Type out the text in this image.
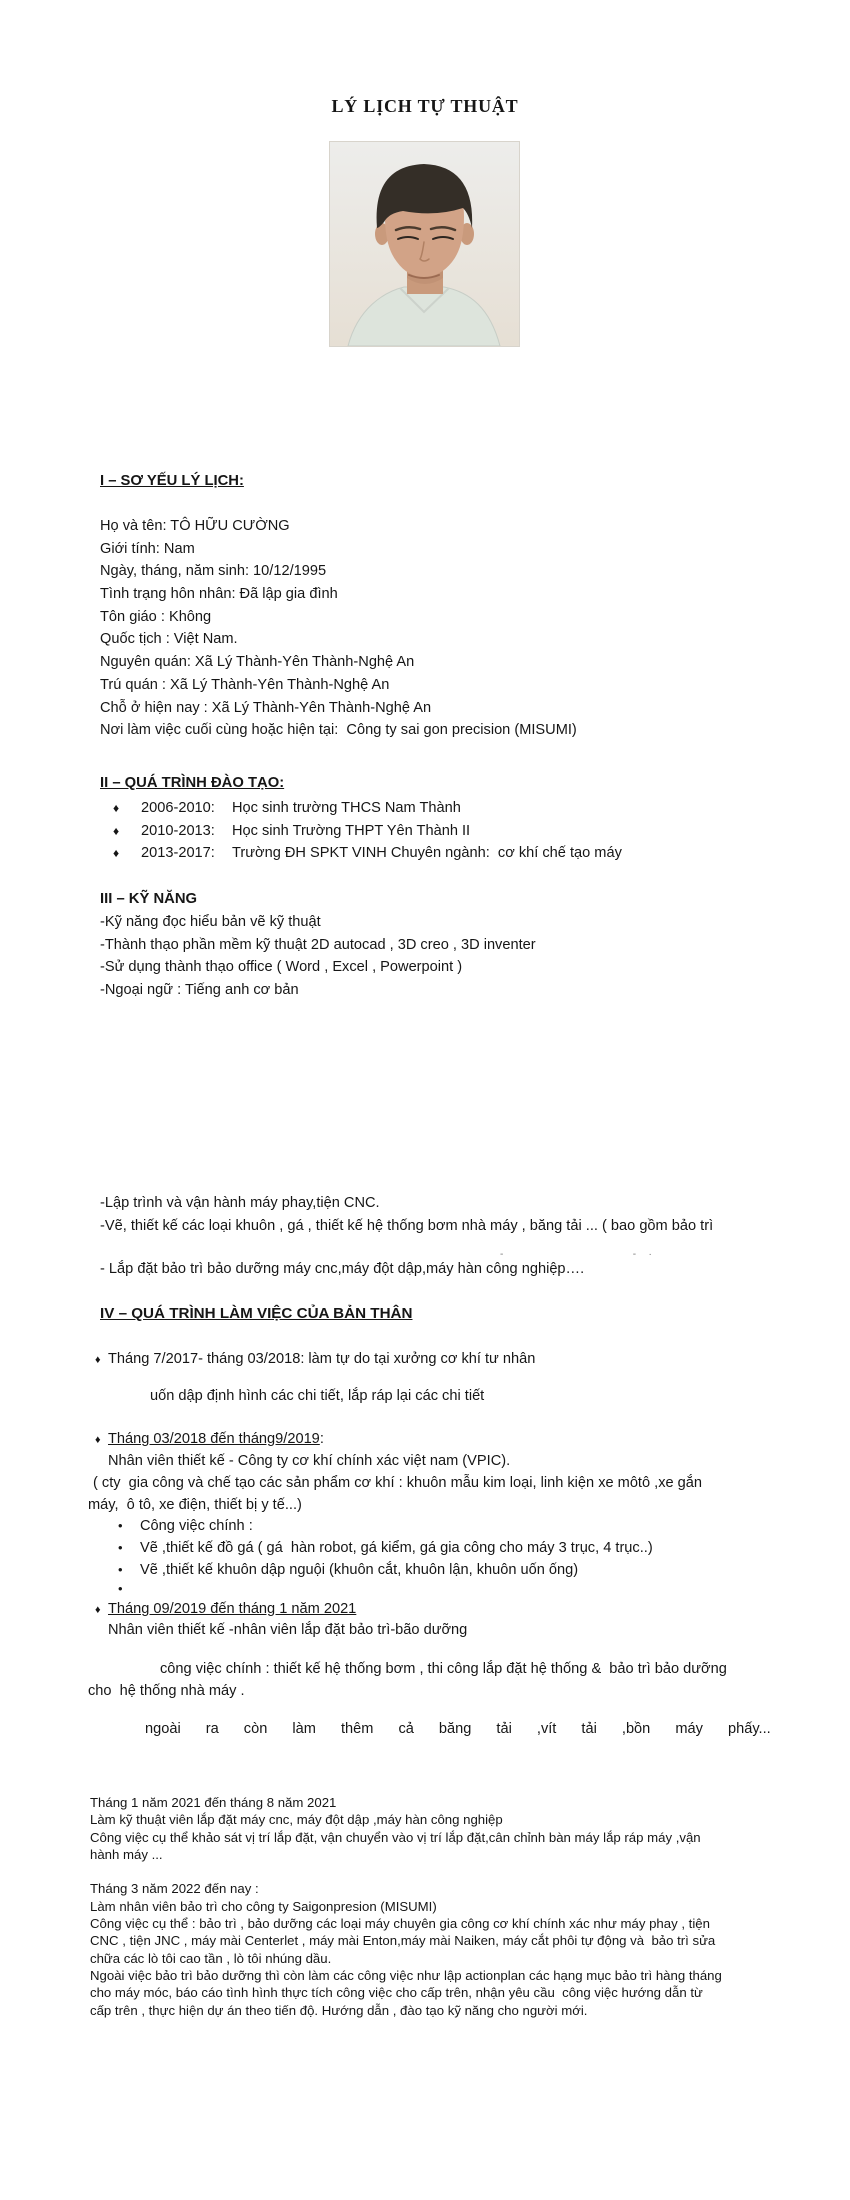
LÝ LỊCH TỰ THUẬT
I – SƠ YẾU LÝ LỊCH:
Họ và tên: TÔ HỮU CƯỜNG
Giới tính: Nam
Ngày, tháng, năm sinh: 10/12/1995
Tình trạng hôn nhân: Đã lập gia đình
Tôn giáo : Không
Quốc tịch : Việt Nam.
Nguyên quán: Xã Lý Thành-Yên Thành-Nghệ An
Trú quán : Xã Lý Thành-Yên Thành-Nghệ An
Chỗ ở hiện nay : Xã Lý Thành-Yên Thành-Nghệ An
Nơi làm việc cuối cùng hoặc hiện tại:  Công ty sai gon precision (MISUMI)
II – QUÁ TRÌNH ĐÀO TẠO:
♦	2006-2010:	Học sinh trường THCS Nam Thành
♦	2010-2013:	Học sinh Trường THPT Yên Thành II
♦	2013-2017:	Trường ĐH SPKT VINH Chuyên ngành:  cơ khí chế tạo máy
III – KỸ NĂNG
-Kỹ năng đọc hiểu bản vẽ kỹ thuật
-Thành thạo phần mềm kỹ thuật 2D autocad , 3D creo , 3D inventer
-Sử dụng thành thạo office ( Word , Excel , Powerpoint )
-Ngoại ngữ : Tiếng anh cơ bản
-Lập trình và vận hành máy phay,tiện CNC.
-Vẽ, thiết kế các loại khuôn , gá , thiết kế hệ thống bơm nhà máy , băng tải ... ( bao gồm bảo trì
-                                  -   ·
- Lắp đặt bảo trì bảo dưỡng máy cnc,máy đột dập,máy hàn công nghiệp….
IV – QUÁ TRÌNH LÀM VIỆC CỦA BẢN THÂN
♦ Tháng 7/2017- tháng 03/2018: làm tự do tại xưởng cơ khí tư nhân
uốn dập định hình các chi tiết, lắp ráp lại các chi tiết
♦ Tháng 03/2018 đến tháng9/2019 :
Nhân viên thiết kế - Công ty cơ khí chính xác việt nam (VPIC).
( cty  gia công và chế tạo các sản phẩm cơ khí : khuôn mẫu kim loại, linh kiện xe môtô ,xe gắn
máy,  ô tô, xe điện, thiết bị y tế...)
•	Công việc chính :
•	Vẽ ,thiết kế đồ gá ( gá  hàn robot, gá kiểm, gá gia công cho máy 3 trục, 4 trục..)
•	Vẽ ,thiết kế khuôn dập nguội (khuôn cắt, khuôn lận, khuôn uốn ống)
•
♦ Tháng 09/2019 đến tháng 1 năm 2021
Nhân viên thiết kế -nhân viên lắp đặt bảo trì-bão dưỡng
công việc chính : thiết kế hệ thống bơm , thi công lắp đặt hệ thống &  bảo trì bảo dưỡng
cho  hệ thống nhà máy .
ngoài ra còn làm thêm cả băng tải ,vít tải ,bồn máy phấy...
Tháng 1 năm 2021 đến tháng 8 năm 2021
Làm kỹ thuật viên lắp đặt máy cnc, máy đột dập ,máy hàn công nghiệp
Công việc cụ thể khảo sát vị trí lắp đặt, vận chuyển vào vị trí lắp đặt,cân chỉnh bàn máy lắp ráp máy ,vận
hành máy ...
Tháng 3 năm 2022 đến nay :
Làm nhân viên bảo trì cho công ty Saigonpresion (MISUMI)
Công việc cụ thể : bảo trì , bảo dưỡng các loại máy chuyên gia công cơ khí chính xác như máy phay , tiện
CNC , tiện JNC , máy mài Centerlet , máy mài Enton,máy mài Naiken, máy cắt phôi tự động và  bảo trì sửa
chữa các lò tôi cao tần , lò tôi nhúng dầu.
Ngoài việc bảo trì bảo dưỡng thì còn làm các công việc như lập actionplan các hạng mục bảo trì hàng tháng
cho máy móc, báo cáo tình hình thực tích công việc cho cấp trên, nhận yêu cầu  công việc hướng dẫn từ
cấp trên , thực hiện dự án theo tiến độ. Hướng dẫn , đào tạo kỹ năng cho người mới.
